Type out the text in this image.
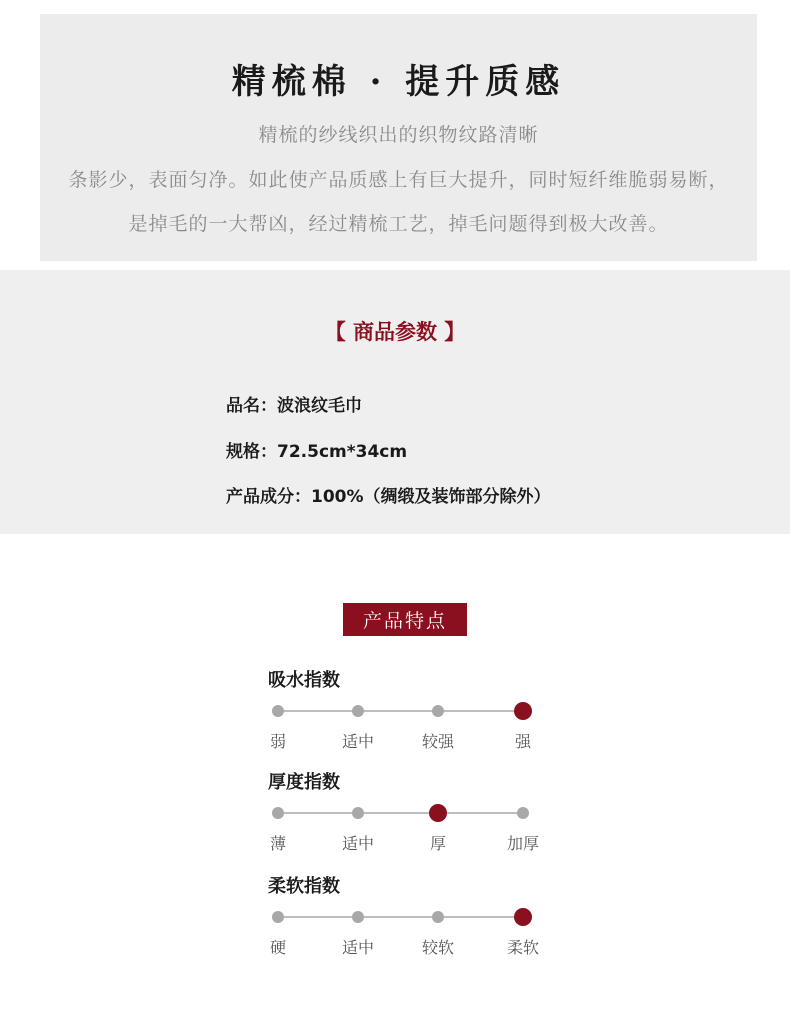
精梳棉 · 提升质感
精梳的纱线织出的织物纹路清晰
条影少，表面匀净。如此使产品质感上有巨大提升，同时短纤维脆弱易断，
是掉毛的一大帮凶，经过精梳工艺，掉毛问题得到极大改善。
【 商品参数 】
品名：波浪纹毛巾
规格：72.5cm*34cm
产品成分：100%（绸缎及装饰部分除外）
产品特点
吸水指数
弱	适中	较强	强
厚度指数
薄	适中	厚	加厚
柔软指数
硬	适中	较软	柔软
